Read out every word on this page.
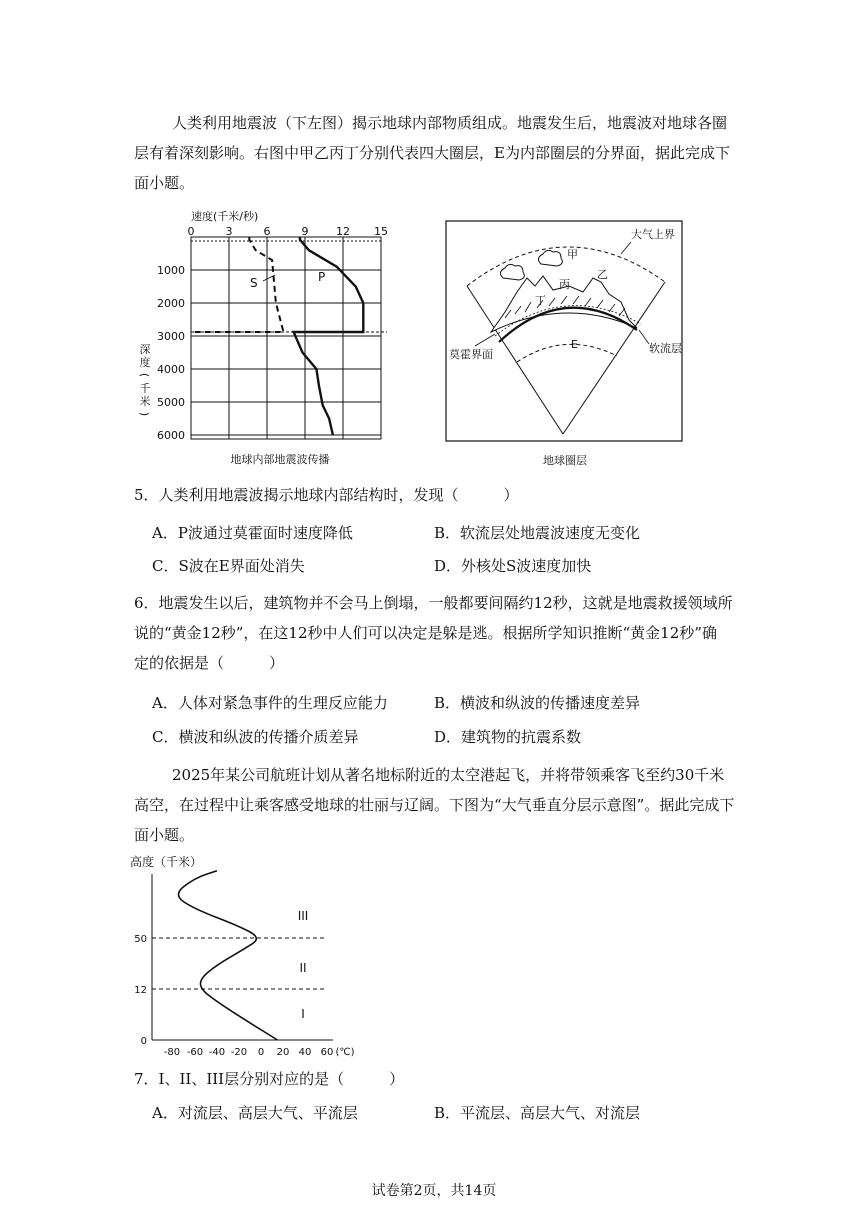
人类利用地震波（下左图）揭示地球内部物质组成。地震发生后，地震波对地球各圈
层有着深刻影响。右图中甲乙丙丁分别代表四大圈层，E为内部圈层的分界面，据此完成下
面小题。
速度(千米/秒)
0	3	6	9	12 15
1000
2000
3000
4000
5000
6000
深
度
(
千
米
)
S	P
地球内部地震波传播
大气上界
甲
乙
丙
丁
莫霍界面	软流层
E
地球圈层
5．人类利用地震波揭示地球内部结构时，发现（　　　）
A．P波通过莫霍面时速度降低	B．软流层处地震波速度无变化
C．S波在E界面处消失	D．外核处S波速度加快
6．地震发生以后，建筑物并不会马上倒塌，一般都要间隔约12秒，这就是地震救援领域所
说的“黄金12秒”，在这12秒中人们可以决定是躲是逃。根据所学知识推断“黄金12秒”确
定的依据是（　　　）
A．人体对紧急事件的生理反应能力	B．横波和纵波的传播速度差异
C．横波和纵波的传播介质差异	D．建筑物的抗震系数
2025年某公司航班计划从著名地标附近的太空港起飞，并将带领乘客飞至约30千米
高空，在过程中让乘客感受地球的壮丽与辽阔。下图为“大气垂直分层示意图”。据此完成下
面小题。
高度（千米）
50
12
0
-80 -60 -40 -20 0 20 40 60 (℃)
III
II
I
7．I、II、III层分别对应的是（　　　）
A．对流层、高层大气、平流层	B．平流层、高层大气、对流层
试卷第2页，共14页
